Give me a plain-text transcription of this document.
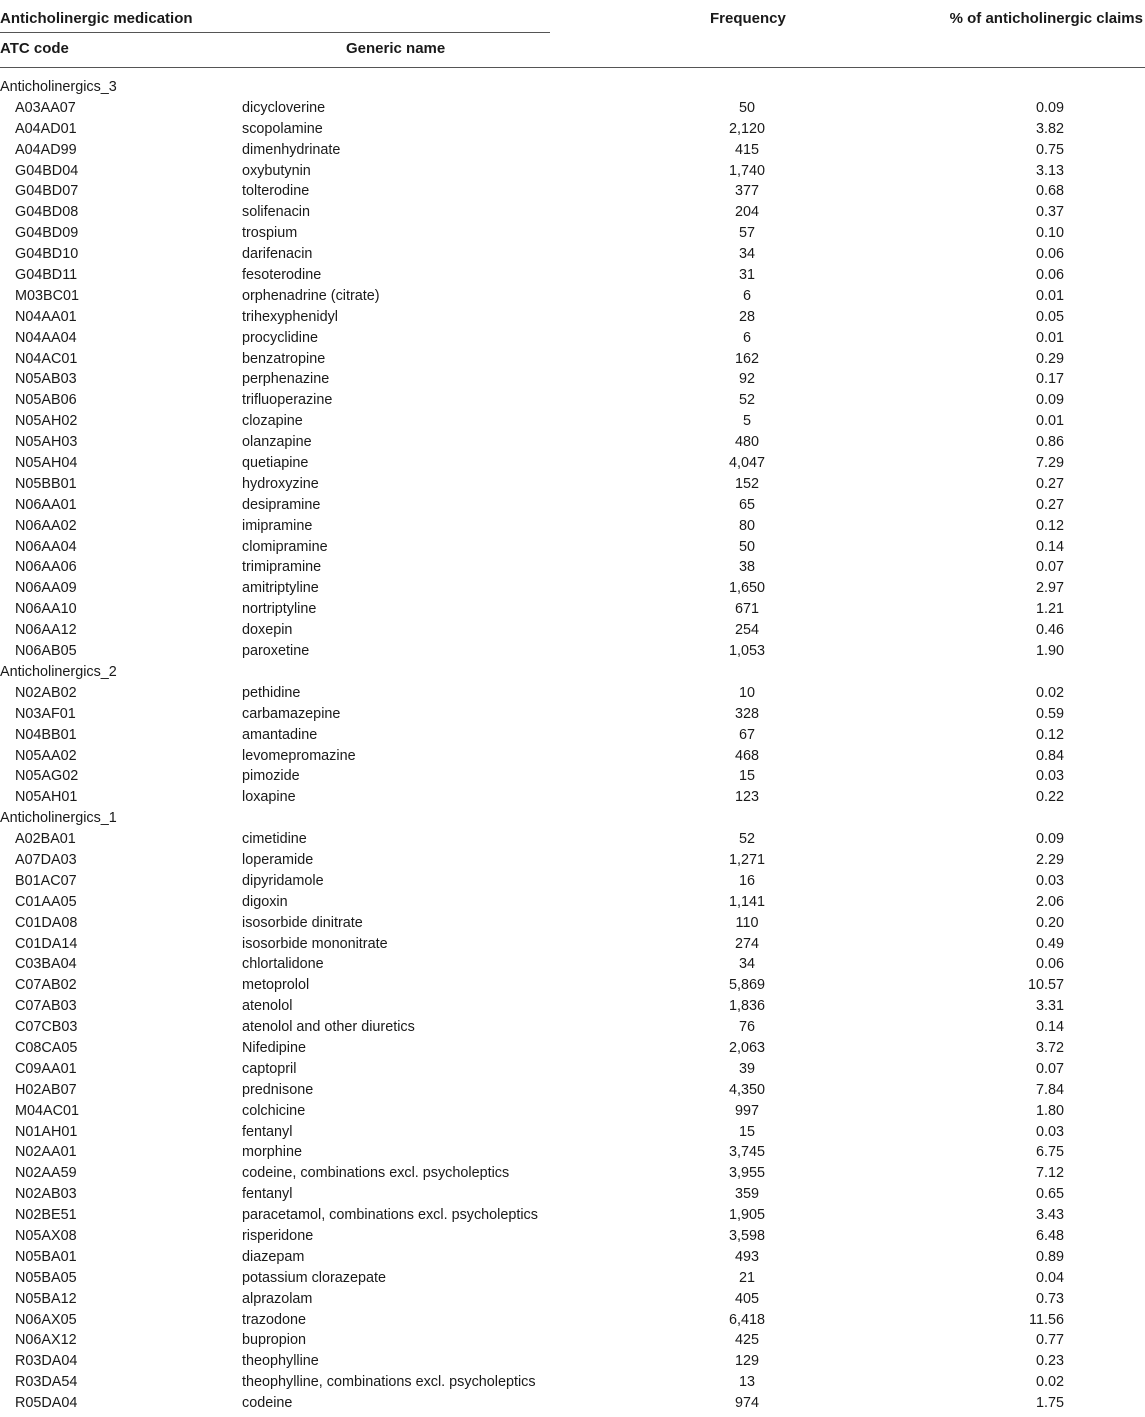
Anticholinergic medication	Frequency	% of anticholinergic claims
ATC code	Generic name
Anticholinergics_3
A03AA07	dicycloverine	50	0.09
A04AD01	scopolamine	2,120	3.82
A04AD99	dimenhydrinate	415	0.75
G04BD04	oxybutynin	1,740	3.13
G04BD07	tolterodine	377	0.68
G04BD08	solifenacin	204	0.37
G04BD09	trospium	57	0.10
G04BD10	darifenacin	34	0.06
G04BD11	fesoterodine	31	0.06
M03BC01	orphenadrine (citrate)	6	0.01
N04AA01	trihexyphenidyl	28	0.05
N04AA04	procyclidine	6	0.01
N04AC01	benzatropine	162	0.29
N05AB03	perphenazine	92	0.17
N05AB06	trifluoperazine	52	0.09
N05AH02	clozapine	5	0.01
N05AH03	olanzapine	480	0.86
N05AH04	quetiapine	4,047	7.29
N05BB01	hydroxyzine	152	0.27
N06AA01	desipramine	65	0.27
N06AA02	imipramine	80	0.12
N06AA04	clomipramine	50	0.14
N06AA06	trimipramine	38	0.07
N06AA09	amitriptyline	1,650	2.97
N06AA10	nortriptyline	671	1.21
N06AA12	doxepin	254	0.46
N06AB05	paroxetine	1,053	1.90
Anticholinergics_2
N02AB02	pethidine	10	0.02
N03AF01	carbamazepine	328	0.59
N04BB01	amantadine	67	0.12
N05AA02	levomepromazine	468	0.84
N05AG02	pimozide	15	0.03
N05AH01	loxapine	123	0.22
Anticholinergics_1
A02BA01	cimetidine	52	0.09
A07DA03	loperamide	1,271	2.29
B01AC07	dipyridamole	16	0.03
C01AA05	digoxin	1,141	2.06
C01DA08	isosorbide dinitrate	110	0.20
C01DA14	isosorbide mononitrate	274	0.49
C03BA04	chlortalidone	34	0.06
C07AB02	metoprolol	5,869	10.57
C07AB03	atenolol	1,836	3.31
C07CB03	atenolol and other diuretics	76	0.14
C08CA05	Nifedipine	2,063	3.72
C09AA01	captopril	39	0.07
H02AB07	prednisone	4,350	7.84
M04AC01	colchicine	997	1.80
N01AH01	fentanyl	15	0.03
N02AA01	morphine	3,745	6.75
N02AA59	codeine, combinations excl. psycholeptics	3,955	7.12
N02AB03	fentanyl	359	0.65
N02BE51	paracetamol, combinations excl. psycholeptics	1,905	3.43
N05AX08	risperidone	3,598	6.48
N05BA01	diazepam	493	0.89
N05BA05	potassium clorazepate	21	0.04
N05BA12	alprazolam	405	0.73
N06AX05	trazodone	6,418	11.56
N06AX12	bupropion	425	0.77
R03DA04	theophylline	129	0.23
R03DA54	theophylline, combinations excl. psycholeptics	13	0.02
R05DA04	codeine	974	1.75
